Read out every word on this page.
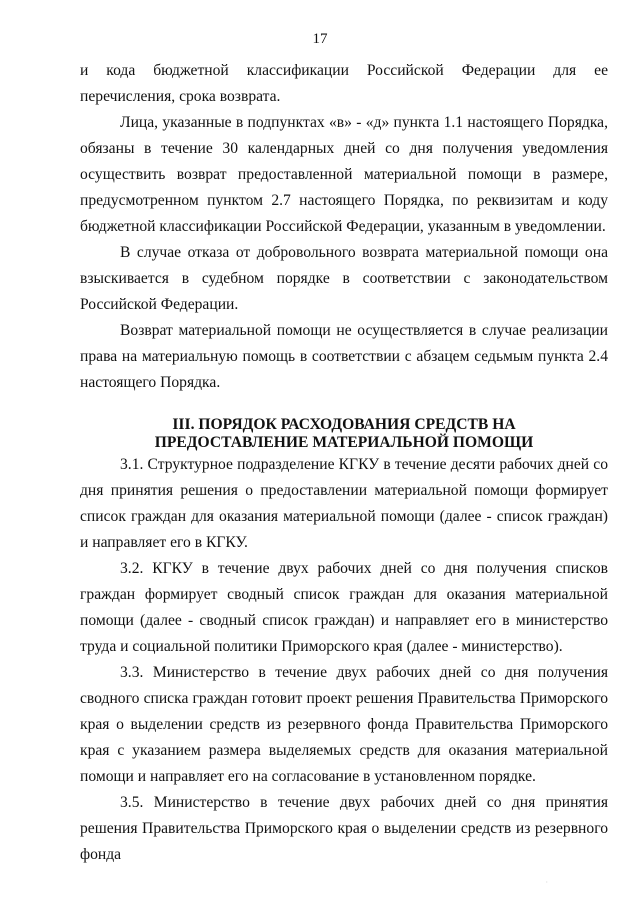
17

и кода бюджетной классификации Российской Федерации для ее перечисления, срока возврата.

Лица, указанные в подпунктах «в» - «д» пункта 1.1 настоящего Порядка, обязаны в течение 30 календарных дней со дня получения уведомления осуществить возврат предоставленной материальной помощи в размере, предусмотренном пунктом 2.7 настоящего Порядка, по реквизитам и коду бюджетной классификации Российской Федерации, указанным в уведомлении.

В случае отказа от добровольного возврата материальной помощи она взыскивается в судебном порядке в соответствии с законодательством Российской Федерации.

Возврат материальной помощи не осуществляется в случае реализации права на материальную помощь в соответствии с абзацем седьмым пункта 2.4 настоящего Порядка.

III. ПОРЯДОК РАСХОДОВАНИЯ СРЕДСТВ НА
ПРЕДОСТАВЛЕНИЕ МАТЕРИАЛЬНОЙ ПОМОЩИ

3.1. Структурное подразделение КГКУ в течение десяти рабочих дней со дня принятия решения о предоставлении материальной помощи формирует список граждан для оказания материальной помощи (далее - список граждан) и направляет его в КГКУ.

3.2. КГКУ в течение двух рабочих дней со дня получения списков граждан формирует сводный список граждан для оказания материальной помощи (далее - сводный список граждан) и направляет его в министерство труда и социальной политики Приморского края (далее - министерство).

3.3. Министерство в течение двух рабочих дней со дня получения сводного списка граждан готовит проект решения Правительства Приморского края о выделении средств из резервного фонда Правительства Приморского края с указанием размера выделяемых средств для оказания материальной помощи и направляет его на согласование в установленном порядке.

3.5. Министерство в течение двух рабочих дней со дня принятия решения Правительства Приморского края о выделении средств из резервного фонда

·
